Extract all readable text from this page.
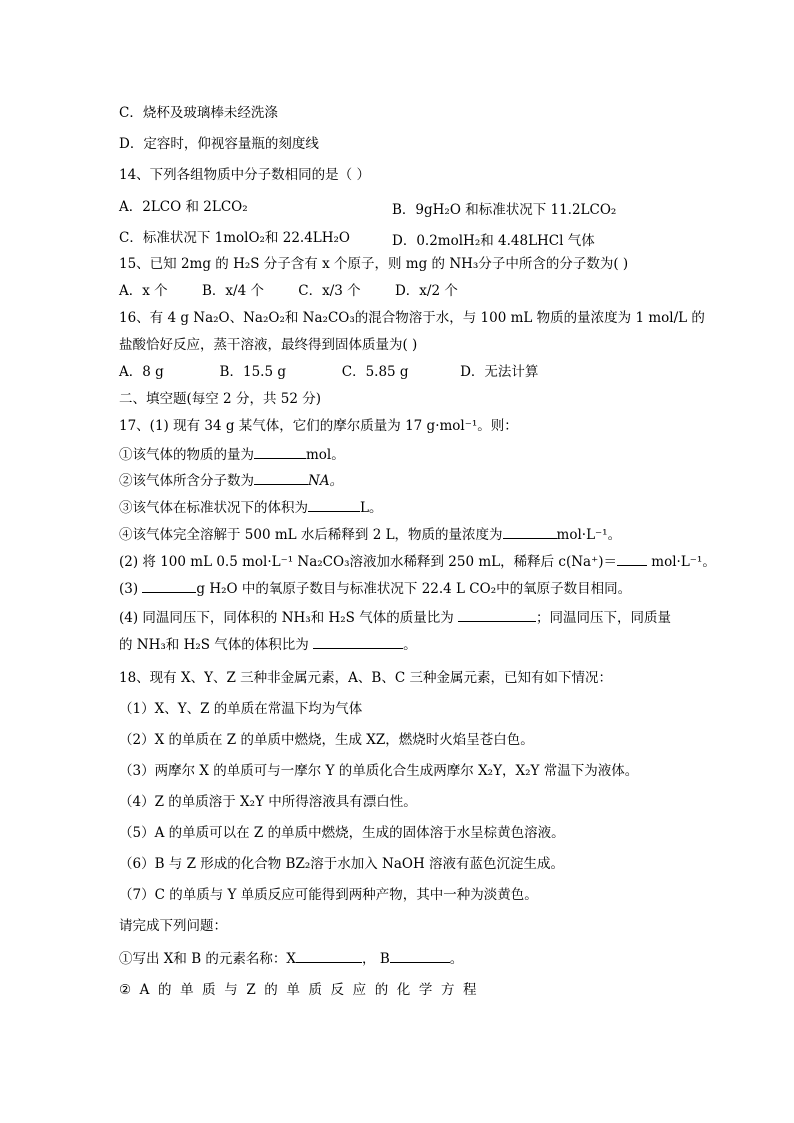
C．烧杯及玻璃棒未经洗涤
D．定容时，仰视容量瓶的刻度线
14、下列各组物质中分子数相同的是（ ）
A．2LCO 和 2LCO₂	B．9gH₂O 和标准状况下 11.2LCO₂
C．标准状况下 1molO₂和 22.4LH₂O	D．0.2molH₂和 4.48LHCl 气体
15、已知 2mg 的 H₂S 分子含有 x 个原子，则 mg 的 NH₃分子中所含的分子数为( )
A．x 个        B．x/4 个        C．x/3 个        D．x/2 个
16、有 4 g Na₂O、Na₂O₂和 Na₂CO₃的混合物溶于水，与 100 mL 物质的量浓度为 1 mol/L 的
盐酸恰好反应，蒸干溶液，最终得到固体质量为( )
A．8 g             B．15.5 g             C．5.85 g            D．无法计算
二、填空题(每空 2 分，共 52 分)
17、(1) 现有 34 g 某气体，它们的摩尔质量为 17 g·mol⁻¹。则：
①该气体的物质的量为	mol。
②该气体所含分子数为	NA。
③该气体在标准状况下的体积为	L。
④该气体完全溶解于 500 mL 水后稀释到 2 L，物质的量浓度为	mol·L⁻¹。
(2) 将 100 mL 0.5 mol·L⁻¹ Na₂CO₃溶液加水稀释到 250 mL，稀释后 c(Na⁺)＝ mol·L⁻¹。
(3)	g H₂O 中的氧原子数目与标准状况下 22.4 L CO₂中的氧原子数目相同。
(4) 同温同压下，同体积的 NH₃和 H₂S 气体的质量比为	；同温同压下，同质量
的 NH₃和 H₂S 气体的体积比为	。
18、现有 X、Y、Z 三种非金属元素，A、B、C 三种金属元素，已知有如下情况：
（1）X、Y、Z 的单质在常温下均为气体
（2）X 的单质在 Z 的单质中燃烧，生成 XZ，燃烧时火焰呈苍白色。
（3）两摩尔 X 的单质可与一摩尔 Y 的单质化合生成两摩尔 X₂Y，X₂Y 常温下为液体。
（4）Z 的单质溶于 X₂Y 中所得溶液具有漂白性。
（5）A 的单质可以在 Z 的单质中燃烧，生成的固体溶于水呈棕黄色溶液。
（6）B 与 Z 形成的化合物 BZ₂溶于水加入 NaOH 溶液有蓝色沉淀生成。
（7）C 的单质与 Y 单质反应可能得到两种产物，其中一种为淡黄色。
请完成下列问题：
①写出 X和 B 的元素名称：X	， B	。
②  A  的  单  质  与  Z  的  单  质  反  应  的  化  学  方  程
